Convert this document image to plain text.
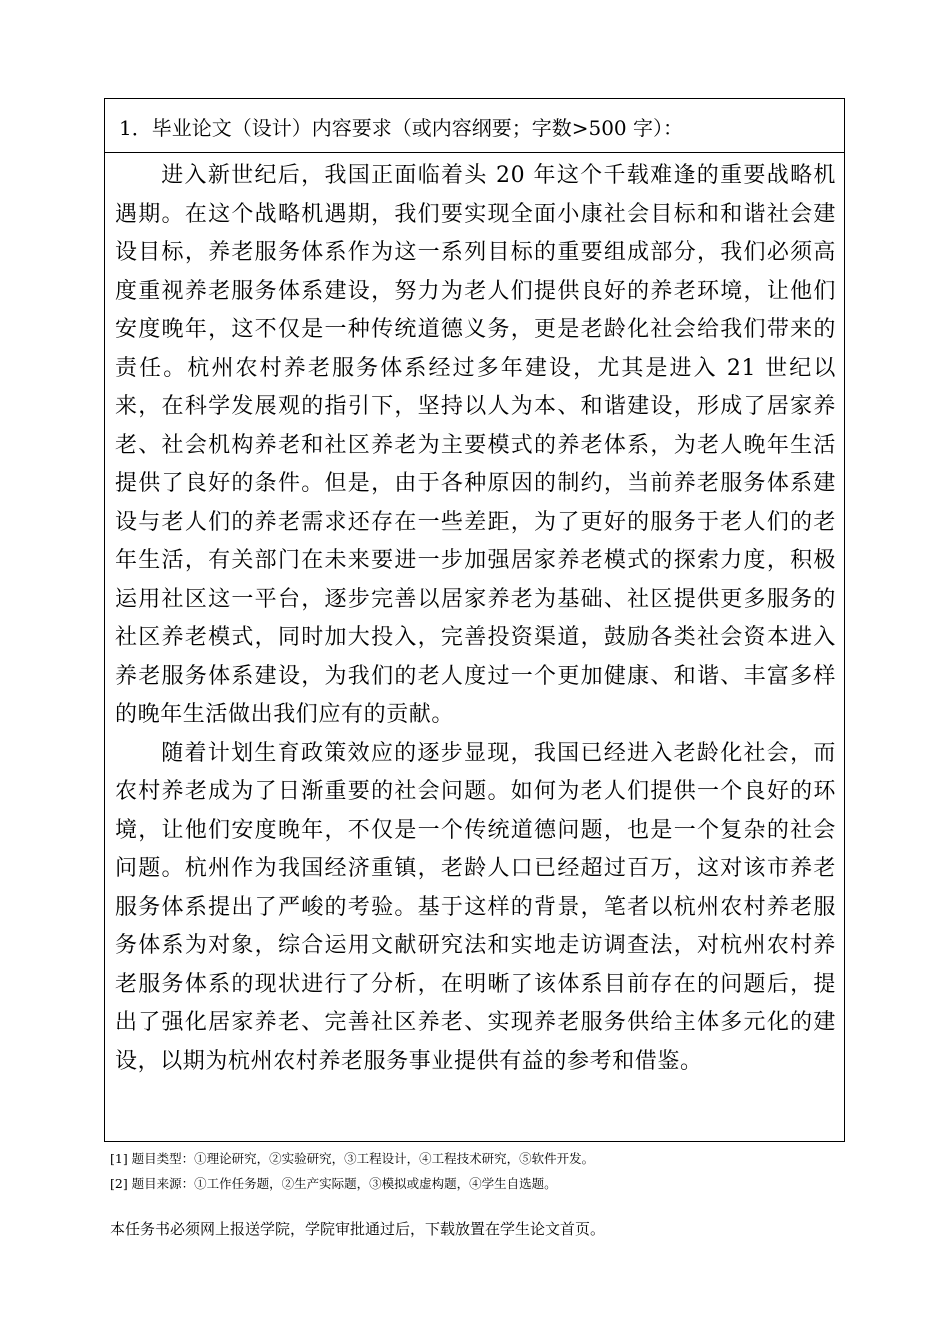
1．毕业论文（设计）内容要求（或内容纲要；字数>500 字）：

进入新世纪后，我国正面临着头 20 年这个千载难逢的重要战略机遇期。在这个战略机遇期，我们要实现全面小康社会目标和和谐社会建设目标，养老服务体系作为这一系列目标的重要组成部分，我们必须高度重视养老服务体系建设，努力为老人们提供良好的养老环境，让他们安度晚年，这不仅是一种传统道德义务，更是老龄化社会给我们带来的责任。杭州农村养老服务体系经过多年建设，尤其是进入 21 世纪以来，在科学发展观的指引下，坚持以人为本、和谐建设，形成了居家养老、社会机构养老和社区养老为主要模式的养老体系，为老人晚年生活提供了良好的条件。但是，由于各种原因的制约，当前养老服务体系建设与老人们的养老需求还存在一些差距，为了更好的服务于老人们的老年生活，有关部门在未来要进一步加强居家养老模式的探索力度，积极运用社区这一平台，逐步完善以居家养老为基础、社区提供更多服务的社区养老模式，同时加大投入，完善投资渠道，鼓励各类社会资本进入养老服务体系建设，为我们的老人度过一个更加健康、和谐、丰富多样的晚年生活做出我们应有的贡献。

随着计划生育政策效应的逐步显现，我国已经进入老龄化社会，而农村养老成为了日渐重要的社会问题。如何为老人们提供一个良好的环境，让他们安度晚年，不仅是一个传统道德问题，也是一个复杂的社会问题。杭州作为我国经济重镇，老龄人口已经超过百万，这对该市养老服务体系提出了严峻的考验。基于这样的背景，笔者以杭州农村养老服务体系为对象，综合运用文献研究法和实地走访调查法，对杭州农村养老服务体系的现状进行了分析，在明晰了该体系目前存在的问题后，提出了强化居家养老、完善社区养老、实现养老服务供给主体多元化的建设，以期为杭州农村养老服务事业提供有益的参考和借鉴。

[1] 题目类型：①理论研究，②实验研究，③工程设计，④工程技术研究，⑤软件开发。
[2] 题目来源：①工作任务题，②生产实际题，③模拟或虚构题，④学生自选题。
本任务书必须网上报送学院，学院审批通过后，下载放置在学生论文首页。
